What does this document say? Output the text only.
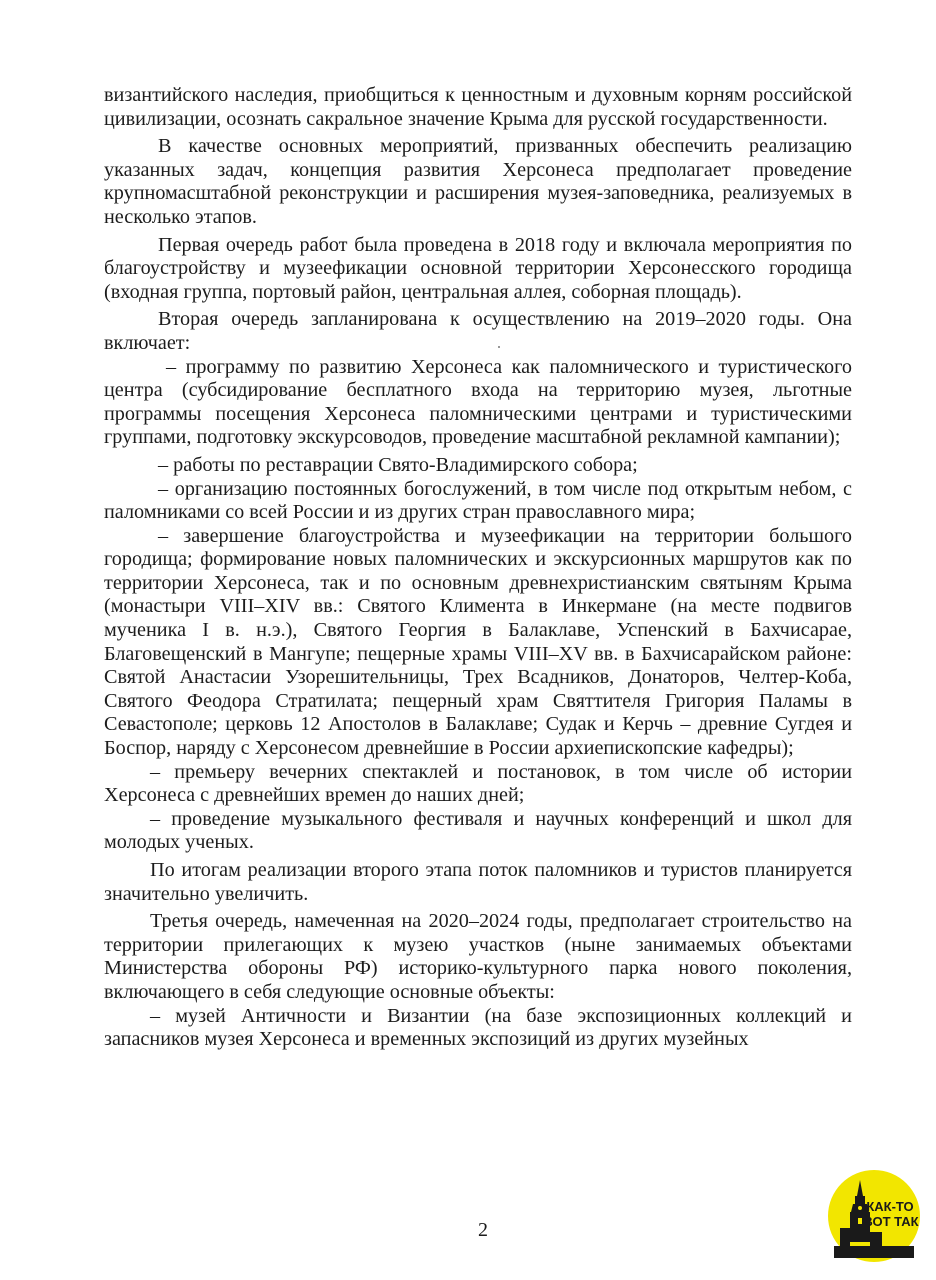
византийского наследия, приобщиться к ценностным и духовным корням российской цивилизации, осознать сакральное значение Крыма для русской государственности.

В качестве основных мероприятий, призванных обеспечить реализацию указанных задач, концепция развития Херсонеса предполагает проведение крупномасштабной реконструкции и расширения музея-заповедника, реализуемых в несколько этапов.

Первая очередь работ была проведена в 2018 году и включала мероприятия по благоустройству и музеефикации основной территории Херсонесского городища (входная группа, портовый район, центральная аллея, соборная площадь).

Вторая очередь запланирована к осуществлению на 2019–2020 годы. Она включает:

– программу по развитию Херсонеса как паломнического и туристического центра (субсидирование бесплатного входа на территорию музея, льготные программы посещения Херсонеса паломническими центрами и туристическими группами, подготовку экскурсоводов, проведение масштабной рекламной кампании);

– работы по реставрации Свято-Владимирского собора;

– организацию постоянных богослужений, в том числе под открытым небом, с паломниками со всей России и из других стран православного мира;

– завершение благоустройства и музеефикации на территории большого городища; формирование новых паломнических и экскурсионных маршрутов как по территории Херсонеса, так и по основным древнехристианским святыням Крыма (монастыри VIII–XIV вв.: Святого Климента в Инкермане (на месте подвигов мученика I в. н.э.), Святого Георгия в Балаклаве, Успенский в Бахчисарае, Благовещенский в Мангупе; пещерные храмы VIII–XV вв. в Бахчисарайском районе: Святой Анастасии Узорешительницы, Трех Всадников, Донаторов, Челтер-Коба, Святого Феодора Стратилата; пещерный храм Святтителя Григория Паламы в Севастополе; церковь 12 Апостолов в Балаклаве; Судак и Керчь – древние Сугдея и Боспор, наряду с Херсонесом древнейшие в России архиепископские кафедры);

– премьеру вечерних спектаклей и постановок, в том числе об истории Херсонеса с древнейших времен до наших дней;

– проведение музыкального фестиваля и научных конференций и школ для молодых ученых.

По итогам реализации второго этапа поток паломников и туристов планируется значительно увеличить.

Третья очередь, намеченная на 2020–2024 годы, предполагает строительство на территории прилегающих к музею участков (ныне занимаемых объектами Министерства обороны РФ) историко-культурного парка нового поколения, включающего в себя следующие основные объекты:

– музей Античности и Византии (на базе экспозиционных коллекций и запасников музея Херсонеса и временных экспозиций из других музейных

2
КАК-ТО
ВОТ ТАК
